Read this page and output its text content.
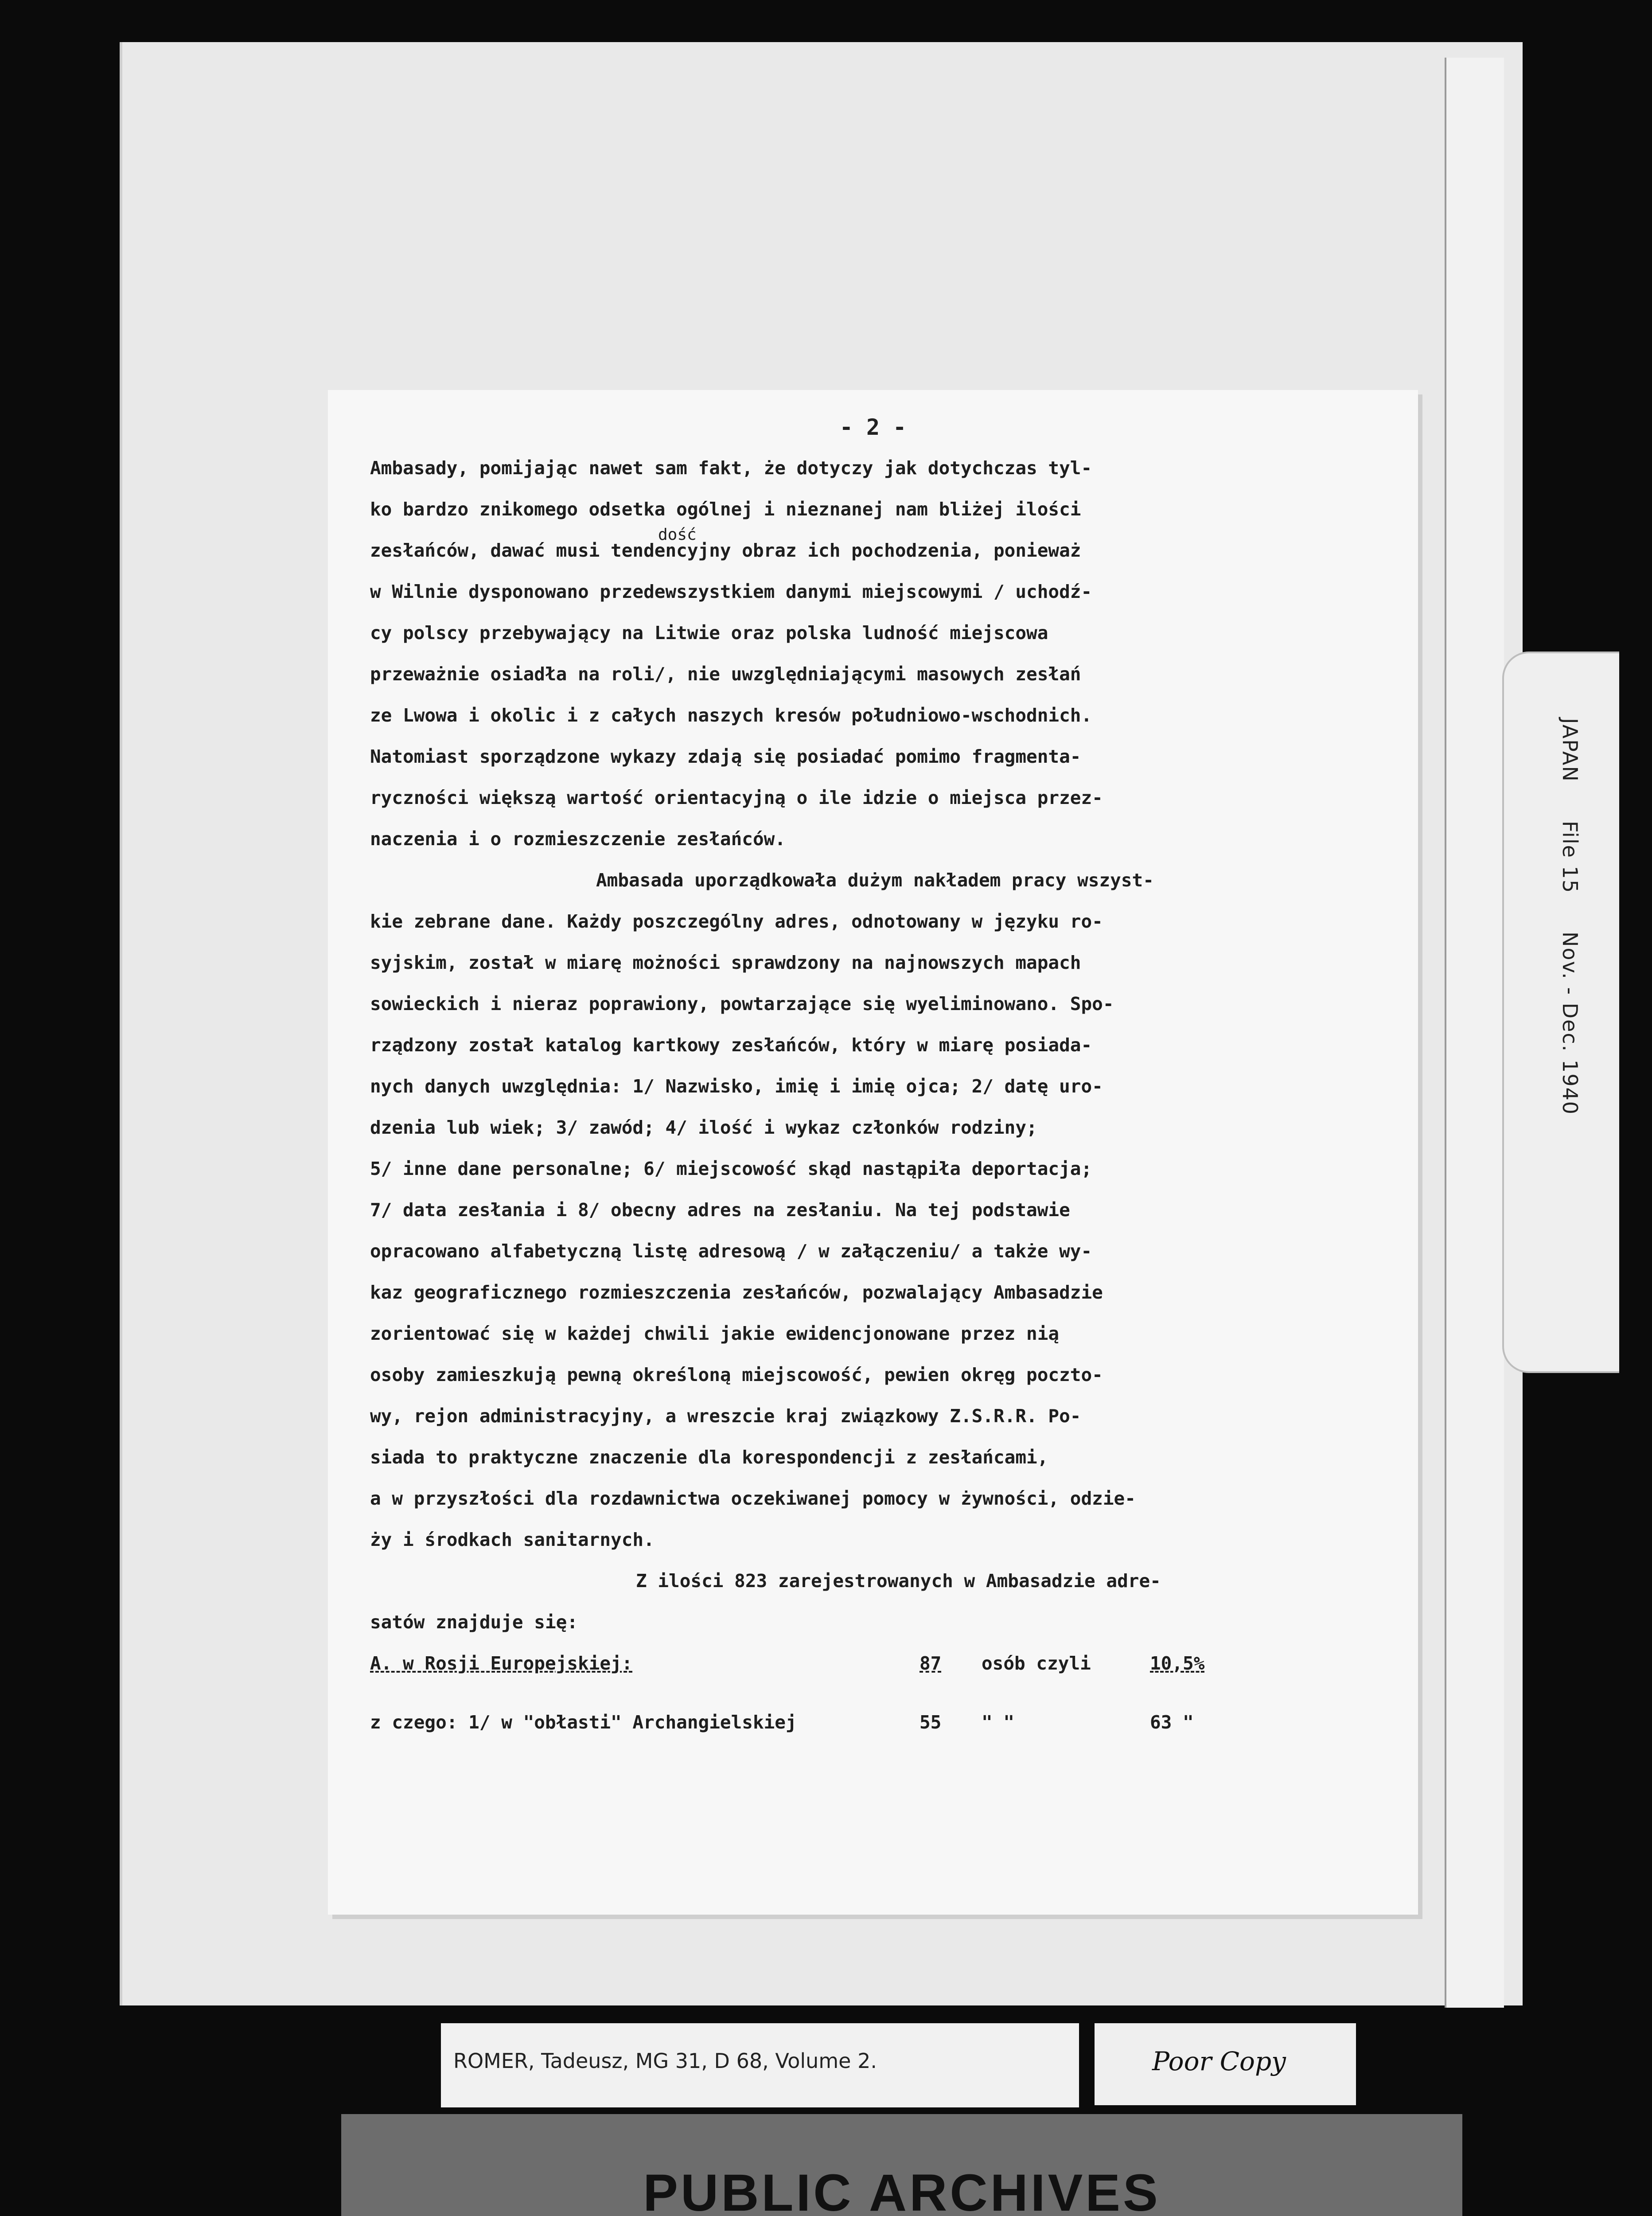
JAPAN File 15 Nov. - Dec. 1940
- 2 -
Ambasady, pomijając nawet sam fakt, że dotyczy jak dotychczas tyl-
ko bardzo znikomego odsetka ogólnej i nieznanej nam bliżej ilości
dość
zesłańców, dawać musi tendencyjny obraz ich pochodzenia, ponieważ
w Wilnie dysponowano przedewszystkiem danymi miejscowymi / uchodź-
cy polscy przebywający na Litwie oraz polska ludność miejscowa
przeważnie osiadła na roli/, nie uwzględniającymi masowych zesłań
ze Lwowa i okolic i z całych naszych kresów południowo-wschodnich.
Natomiast sporządzone wykazy zdają się posiadać pomimo fragmenta-
ryczności większą wartość orientacyjną o ile idzie o miejsca przez-
naczenia i o rozmieszczenie zesłańców.
Ambasada uporządkowała dużym nakładem pracy wszyst-
kie zebrane dane. Każdy poszczególny adres, odnotowany w języku ro-
syjskim, został w miarę możności sprawdzony na najnowszych mapach
sowieckich i nieraz poprawiony, powtarzające się wyeliminowano. Spo-
rządzony został katalog kartkowy zesłańców, który w miarę posiada-
nych danych uwzględnia: 1/ Nazwisko, imię i imię ojca; 2/ datę uro-
dzenia lub wiek; 3/ zawód; 4/ ilość i wykaz członków rodziny;
5/ inne dane personalne; 6/ miejscowość skąd nastąpiła deportacja;
7/ data zesłania i 8/ obecny adres na zesłaniu. Na tej podstawie
opracowano alfabetyczną listę adresową / w załączeniu/ a także wy-
kaz geograficznego rozmieszczenia zesłańców, pozwalający Ambasadzie
zorientować się w każdej chwili jakie ewidencjonowane przez nią
osoby zamieszkują pewną określoną miejscowość, pewien okręg poczto-
wy, rejon administracyjny, a wreszcie kraj związkowy Z.S.R.R. Po-
siada to praktyczne znaczenie dla korespondencji z zesłańcami,
a w przyszłości dla rozdawnictwa oczekiwanej pomocy w żywności, odzie-
ży i środkach sanitarnych.
Z ilości 823 zarejestrowanych w Ambasadzie adre-
satów znajduje się:
A. w Rosji Europejskiej:	87	osób czyli	10,5%
z czego: 1/ w "obłasti" Archangielskiej	55	" "	63 "
ROMER, Tadeusz, MG 31, D 68, Volume 2.	Poor Copy
PUBLIC ARCHIVES
